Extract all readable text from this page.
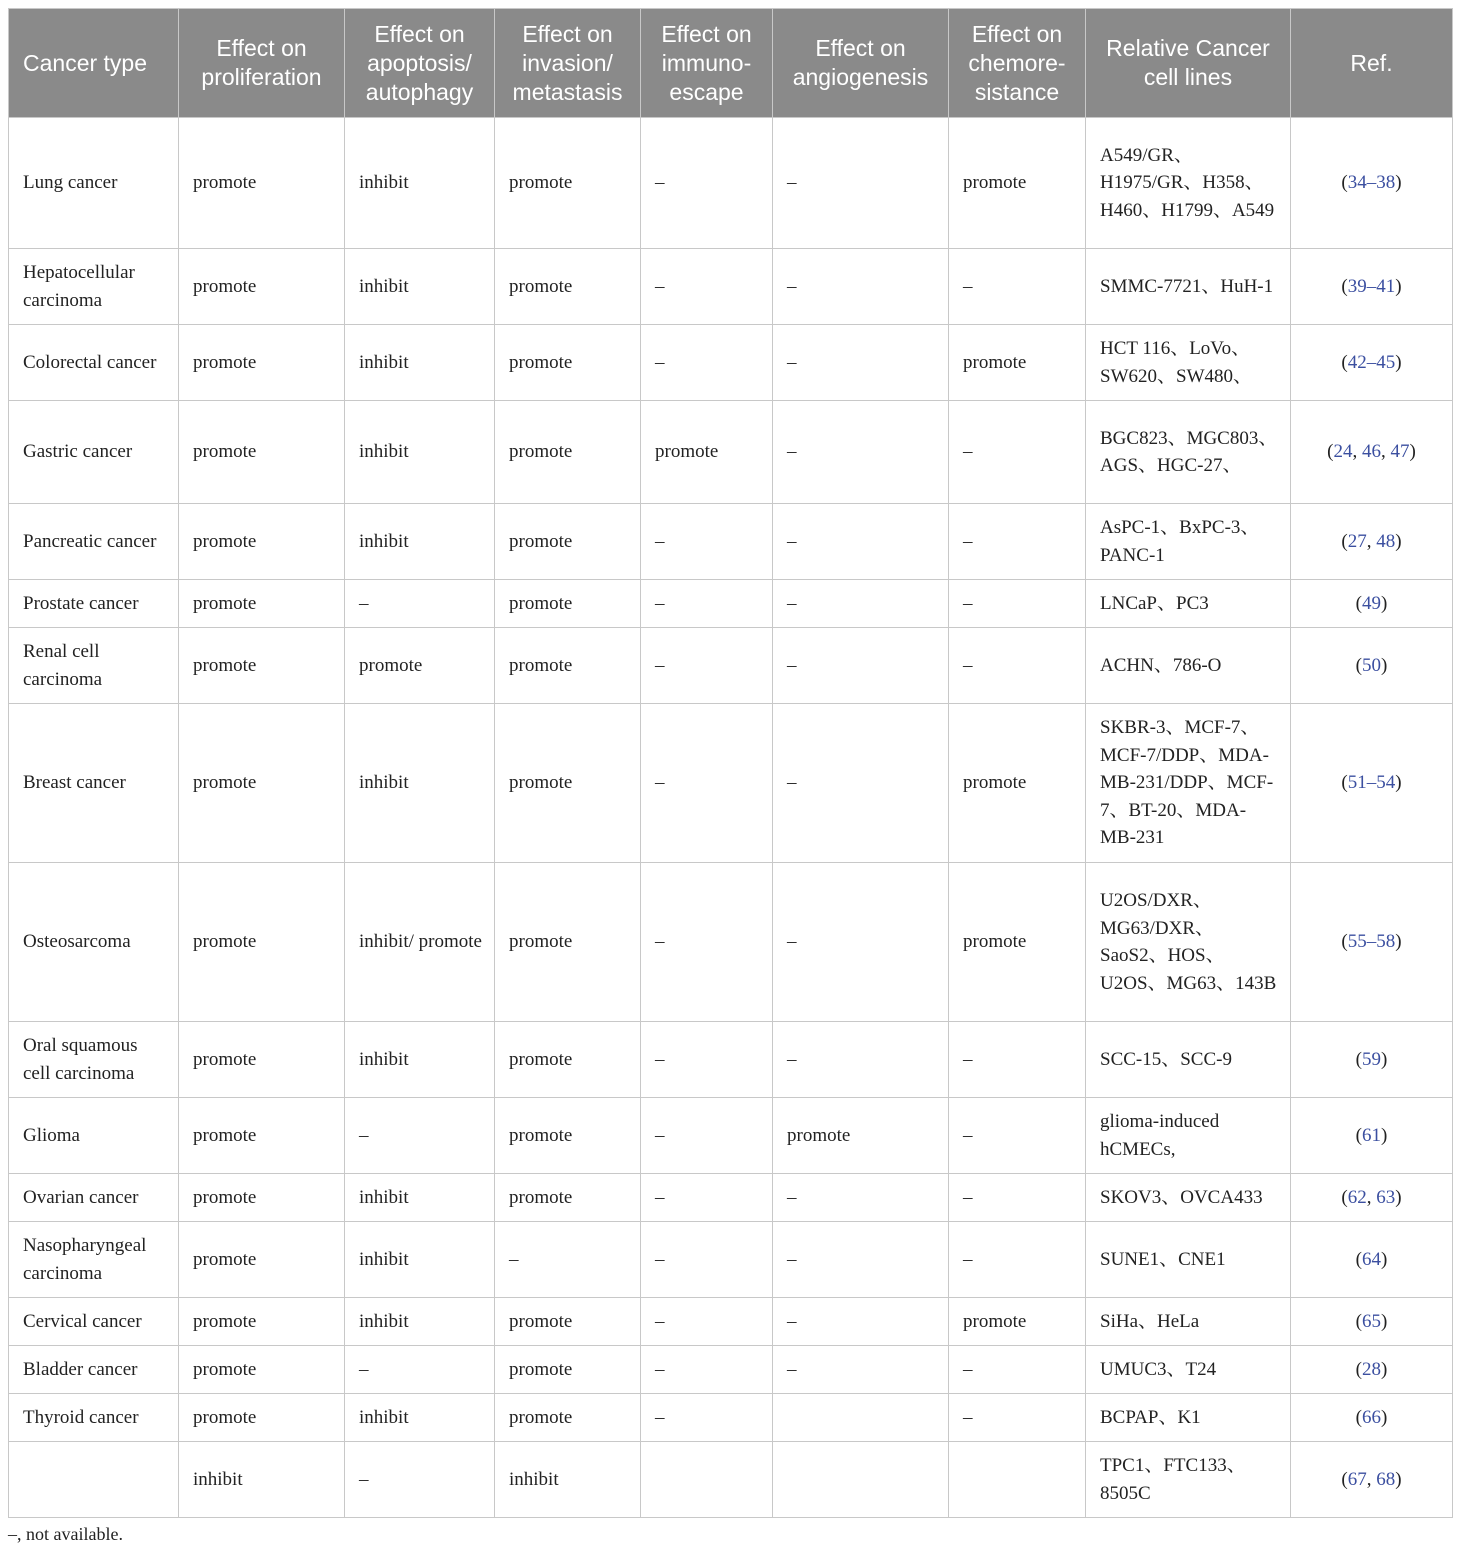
Cancer type	Effect on proliferation	Effect on apoptosis/ autophagy	Effect on invasion/ metastasis	Effect on immuno-escape	Effect on angiogenesis	Effect on chemore-sistance	Relative Cancer cell lines	Ref.
Lung cancer	promote	inhibit	promote	–	–	promote	A549/GR、H1975/GR、H358、H460、H1799、A549	(34–38)
Hepatocellular carcinoma	promote	inhibit	promote	–	–	–	SMMC-7721、HuH-1	(39–41)
Colorectal cancer	promote	inhibit	promote	–	–	promote	HCT 116、LoVo、SW620、SW480、	(42–45)
Gastric cancer	promote	inhibit	promote	promote	–	–	BGC823、MGC803、AGS、HGC-27、	(24, 46, 47)
Pancreatic cancer	promote	inhibit	promote	–	–	–	AsPC-1、BxPC-3、PANC-1	(27, 48)
Prostate cancer	promote	–	promote	–	–	–	LNCaP、PC3	(49)
Renal cell carcinoma	promote	promote	promote	–	–	–	ACHN、786-O	(50)
Breast cancer	promote	inhibit	promote	–	–	promote	SKBR-3、MCF-7、MCF-7/DDP、MDA-MB-231/DDP、MCF-7、BT-20、MDA-MB-231	(51–54)
Osteosarcoma	promote	inhibit/ promote	promote	–	–	promote	U2OS/DXR、MG63/DXR、SaoS2、HOS、U2OS、MG63、143B	(55–58)
Oral squamous cell carcinoma	promote	inhibit	promote	–	–	–	SCC-15、SCC-9	(59)
Glioma	promote	–	promote	–	promote	–	glioma-induced hCMECs,	(61)
Ovarian cancer	promote	inhibit	promote	–	–	–	SKOV3、OVCA433	(62, 63)
Nasopharyngeal carcinoma	promote	inhibit	–	–	–	–	SUNE1、CNE1	(64)
Cervical cancer	promote	inhibit	promote	–	–	promote	SiHa、HeLa	(65)
Bladder cancer	promote	–	promote	–	–	–	UMUC3、T24	(28)
Thyroid cancer	promote	inhibit	promote	–		–	BCPAP、K1	(66)
	inhibit	–	inhibit				TPC1、FTC133、8505C	(67, 68)
–, not available.
